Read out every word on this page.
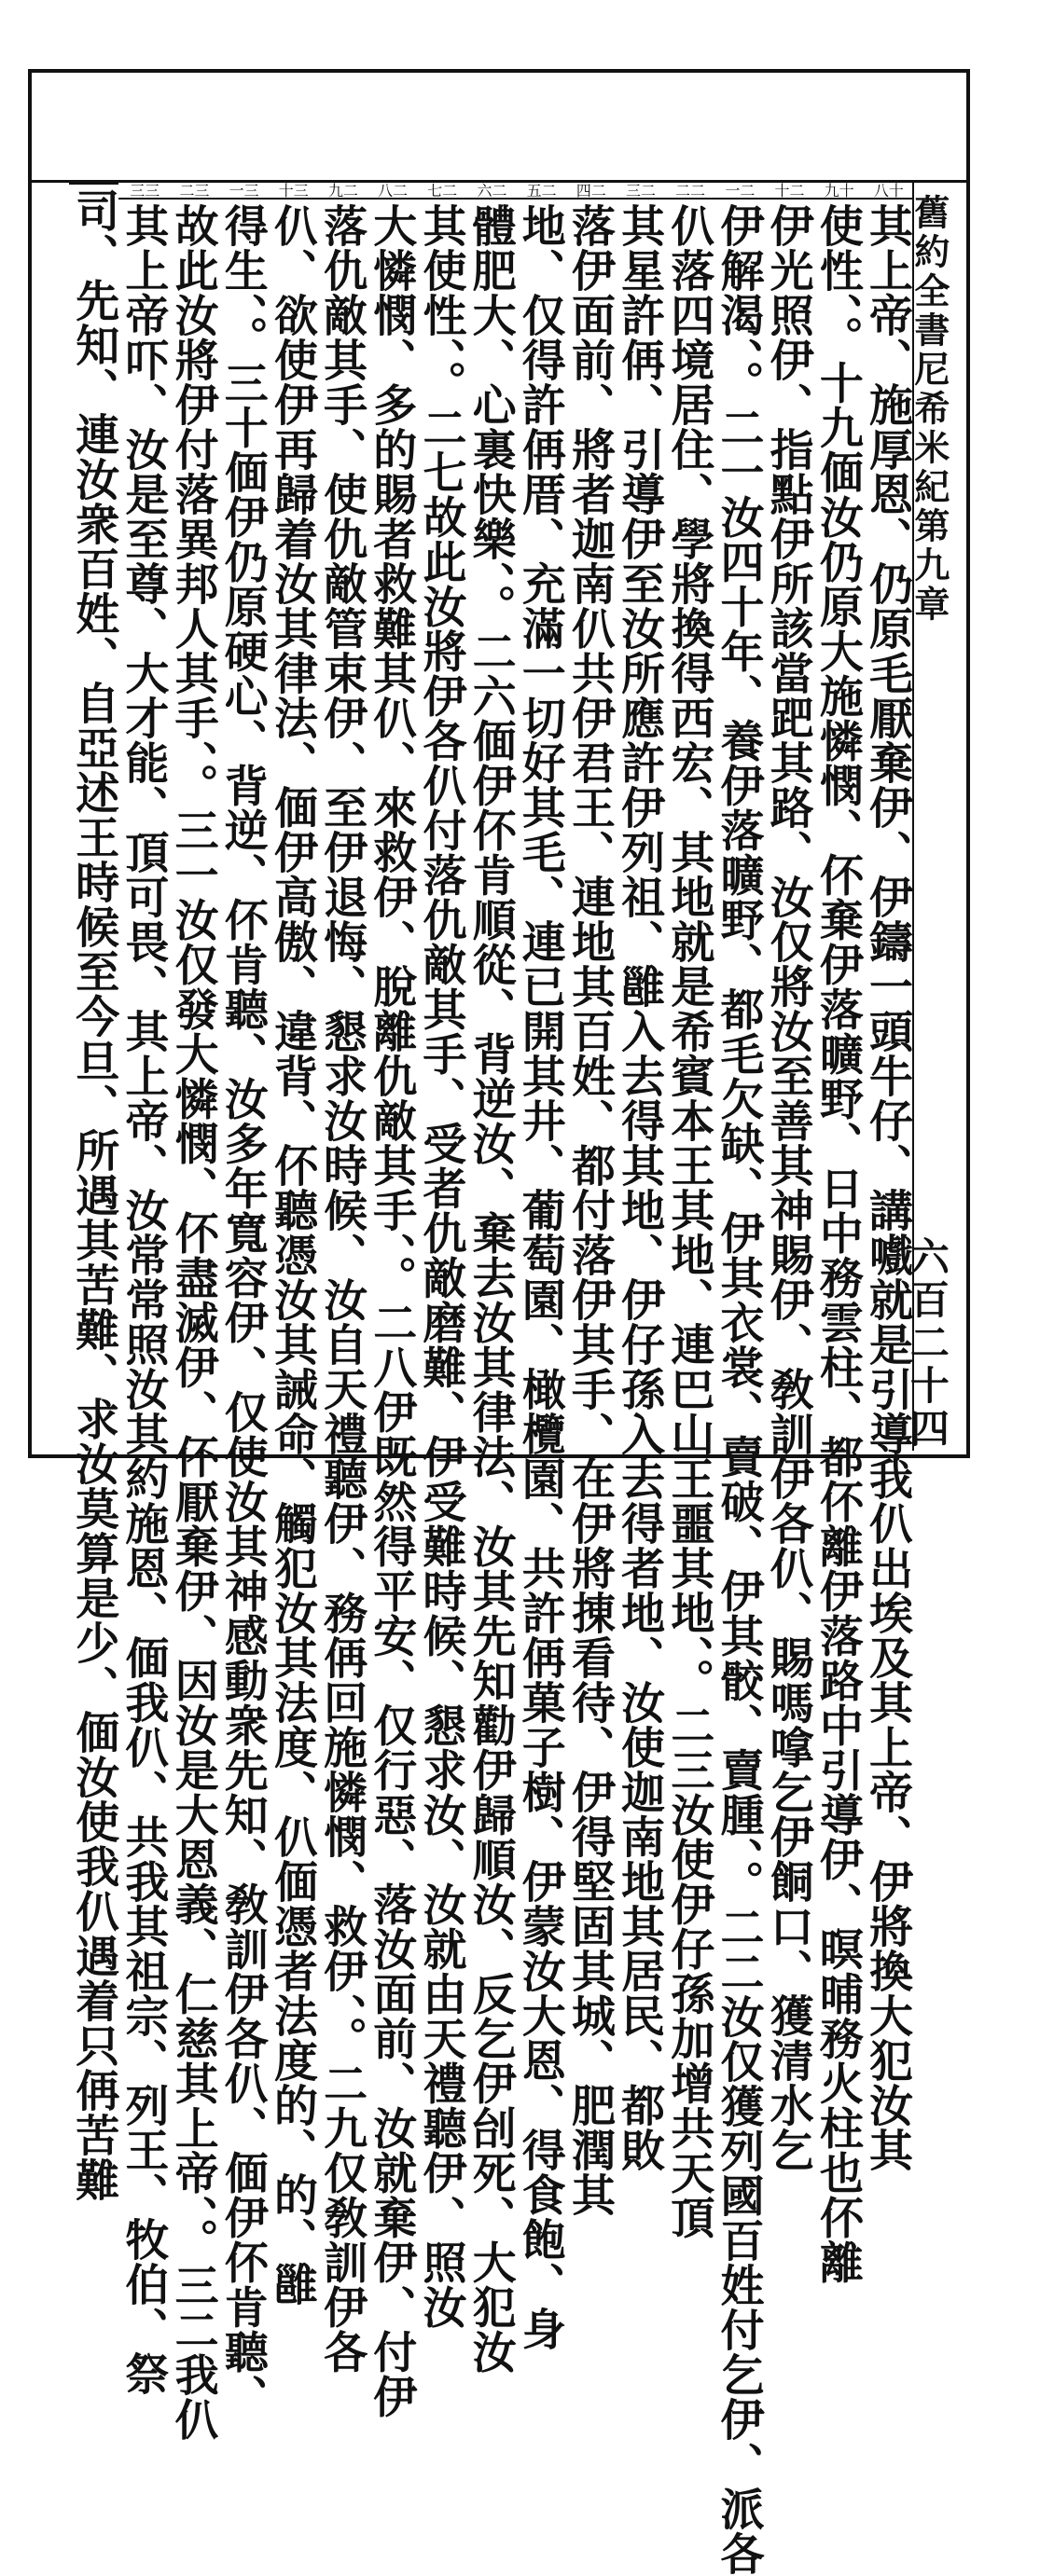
舊約全書
尼希米紀
第九章
六百二十四
十八
其上帝、施厚恩、仍原毛厭棄伊、伊鑄一頭牛仔、講嚱就是引導我仈出埃及其上帝、伊將換大犯汝其
十九
使性、。十九偭汝仍原大施憐憫、伓棄伊落曠野、日中務雲柱、都伓離伊落路中引導伊、暝晡務火柱也伓離
二十
伊光照伊、指點伊所該當跁其路、汝仅將汝至善其神賜伊、敎訓伊各仈、賜嗎嗱乞伊餇口、獲清水乞
二一
伊解渴、。二一汝四十年、養伊落曠野、都毛欠缺、伊其衣裳、賣破、伊其骹、賣腫、。二二汝仅獲列國百姓付乞伊、派各
二二
仈落四境居住、學將換得西宏、其地就是希賓本王其地、連巴山王噩其地、。二三汝使伊仔孫加增共天頂
二三
其星許侢、引導伊至汝所應許伊列祖、雝入去得其地、伊仔孫入去得者地、汝使迦南地其居民、都敗
二四
落伊面前、將者迦南仈共伊君王、連地其百姓、都付落伊其手、在伊將㨂看待、伊得堅固其城、肥潤其
二五
地、仅得許侢厝、充滿一切好其毛、連已開其井、葡萄園、橄欖園、共許侢菓子樹、伊蒙汝大恩、得食飽、身
二六
體肥大、心裏快樂、。二六偭伊伓肯順從、背逆汝、棄去汝其律法、汝其先知勸伊歸順汝、反乞伊刣死、大犯汝
二七
其使性、。二七故此汝將伊各仈付落仇敵其手、受者仇敵磨難、伊受難時候、懇求汝、汝就由天禮聽伊、照汝
二八
大憐憫、多的賜者救難其仈、來救伊、脫離仇敵其手、。二八伊既然得平安、仅行惡、落汝面前、汝就棄伊、付伊
二九
落仇敵其手、使仇敵管束伊、至伊退悔、懇求汝時候、汝自天禮聽伊、務侢回施憐憫、救伊、。二九仅敎訓伊各
三十
仈、欲使伊再歸着汝其律法、偭伊高傲、違背、伓聽憑汝其誡命、觸犯汝其法度、仈偭憑者法度的、的、雝
三一
得生、。三十偭伊仍原硬心、背逆、伓肯聽、汝多年寬容伊、仅使汝其神感動衆先知、敎訓伊各仈、偭伊伓肯聽、
三二
故此汝將伊付落異邦人其手、。三一汝仅發大憐憫、伓盡滅伊、伓厭棄伊、因汝是大恩義、仁慈其上帝、。三二我仈
三三
其上帝吓、汝是至尊、大才能、頂可畏、其上帝、汝常常照汝其約施恩、偭我仈、共我其祖宗、列王、牧伯、祭
司、先知、連汝衆百姓、自亞述王時候至今旦、所遇其苦難、求汝莫算是少、偭汝使我仈遇着只侢苦難
